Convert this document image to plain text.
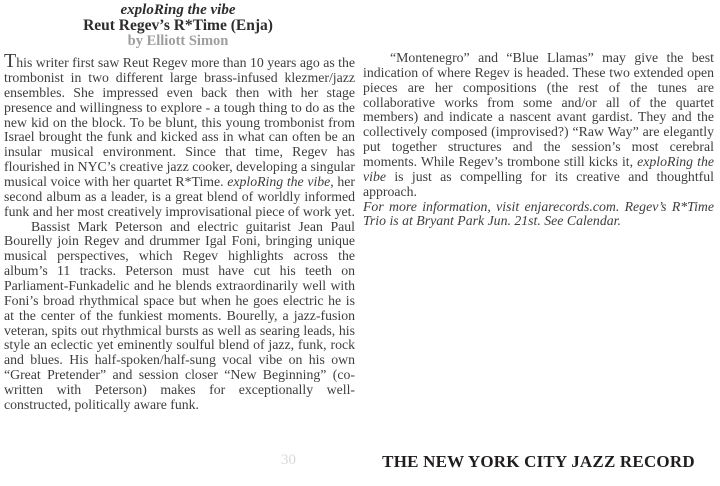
exploRing the vibe
Reut Regev’s R*Time (Enja)
by Elliott Simon

This writer first saw Reut Regev more than 10 years ago as the trombonist in two different large brass-infused klezmer/jazz ensembles. She impressed even back then with her stage presence and willingness to explore - a tough thing to do as the new kid on the block. To be blunt, this young trombonist from Israel brought the funk and kicked ass in what can often be an insular musical environment. Since that time, Regev has flourished in NYC’s creative jazz cooker, developing a singular musical voice with her quartet R*Time. exploRing the vibe, her second album as a leader, is a great blend of worldly informed funk and her most creatively improvisational piece of work yet.

Bassist Mark Peterson and electric guitarist Jean Paul Bourelly join Regev and drummer Igal Foni, bringing unique musical perspectives, which Regev highlights across the album’s 11 tracks. Peterson must have cut his teeth on Parliament-Funkadelic and he blends extraordinarily well with Foni’s broad rhythmical space but when he goes electric he is at the center of the funkiest moments. Bourelly, a jazz-fusion veteran, spits out rhythmical bursts as well as searing leads, his style an eclectic yet eminently soulful blend of jazz, funk, rock and blues. His half-spoken/half-sung vocal vibe on his own “Great Pretender” and session closer “New Beginning” (co-written with Peterson) makes for exceptionally well-constructed, politically aware funk.

“Montenegro” and “Blue Llamas” may give the best indication of where Regev is headed. These two extended open pieces are her compositions (the rest of the tunes are collaborative works from some and/or all of the quartet members) and indicate a nascent avant gardist. They and the collectively composed (improvised?) “Raw Way” are elegantly put together structures and the session’s most cerebral moments. While Regev’s trombone still kicks it, exploRing the vibe is just as compelling for its creative and thoughtful approach.

For more information, visit enjarecords.com. Regev’s R*Time Trio is at Bryant Park Jun. 21st. See Calendar.

THE NEW YORK CITY JAZZ RECORD
30
